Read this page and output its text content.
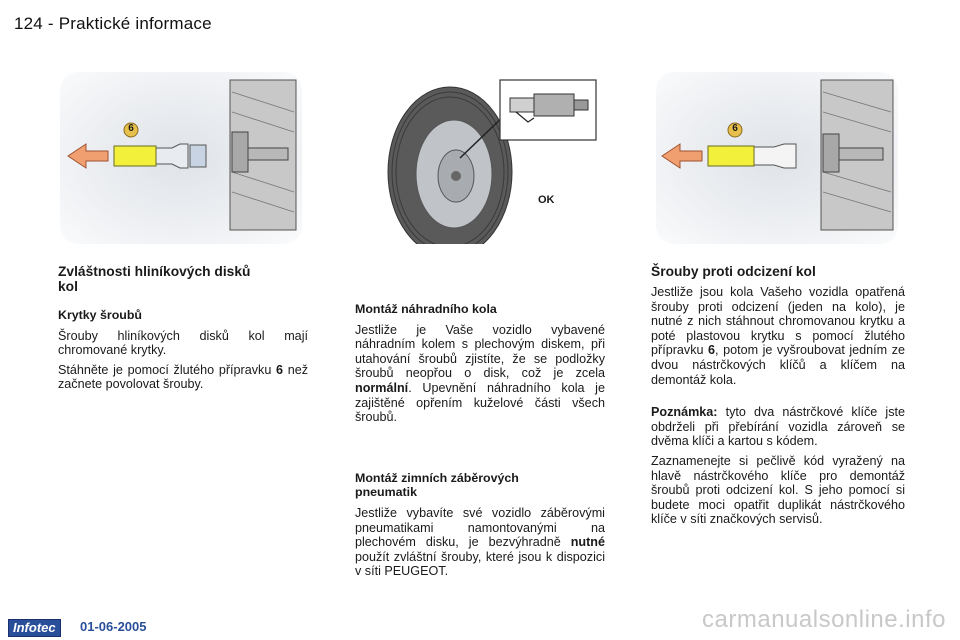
124 - Praktické informace
6
OK
6
Zvláštnosti hliníkových disků kol
Krytky šroubů

Šrouby hliníkových disků kol mají chromované krytky.

Stáhněte je pomocí žlutého přípravku 6 než začnete povolovat šrouby.

Montáž náhradního kola

Jestliže je Vaše vozidlo vybavené náhradním kolem s plechovým diskem, při utahování šroubů zjistíte, že se podložky šroubů neopřou o disk, což je zcela normální. Upevnění náhradního kola je zajištěné opřením kuželové části všech šroubů.

Montáž zimních záběrových pneumatik

Jestliže vybavíte své vozidlo záběrovými pneumatikami namontovanými na plechovém disku, je bezvýhradně nutné použít zvláštní šrouby, které jsou k dispozici v síti PEUGEOT.

Šrouby proti odcizení kol

Jestliže jsou kola Vašeho vozidla opatřená šrouby proti odcizení (jeden na kolo), je nutné z nich stáhnout chromovanou krytku a poté plastovou krytku s pomocí žlutého přípravku 6, potom je vyšroubovat jedním ze dvou nástrčkových klíčů a klíčem na demontáž kola.

Poznámka: tyto dva nástrčkové klíče jste obdrželi při přebírání vozidla zároveň se dvěma klíči a kartou s kódem.

Zaznamenejte si pečlivě kód vyražený na hlavě nástrčkového klíče pro demontáž šroubů proti odcizení kol. S jeho pomocí si budete moci opatřit duplikát nástrčkového klíče v síti značkových servisů.

Infotec	01-06-2005	carmanualsonline.info
